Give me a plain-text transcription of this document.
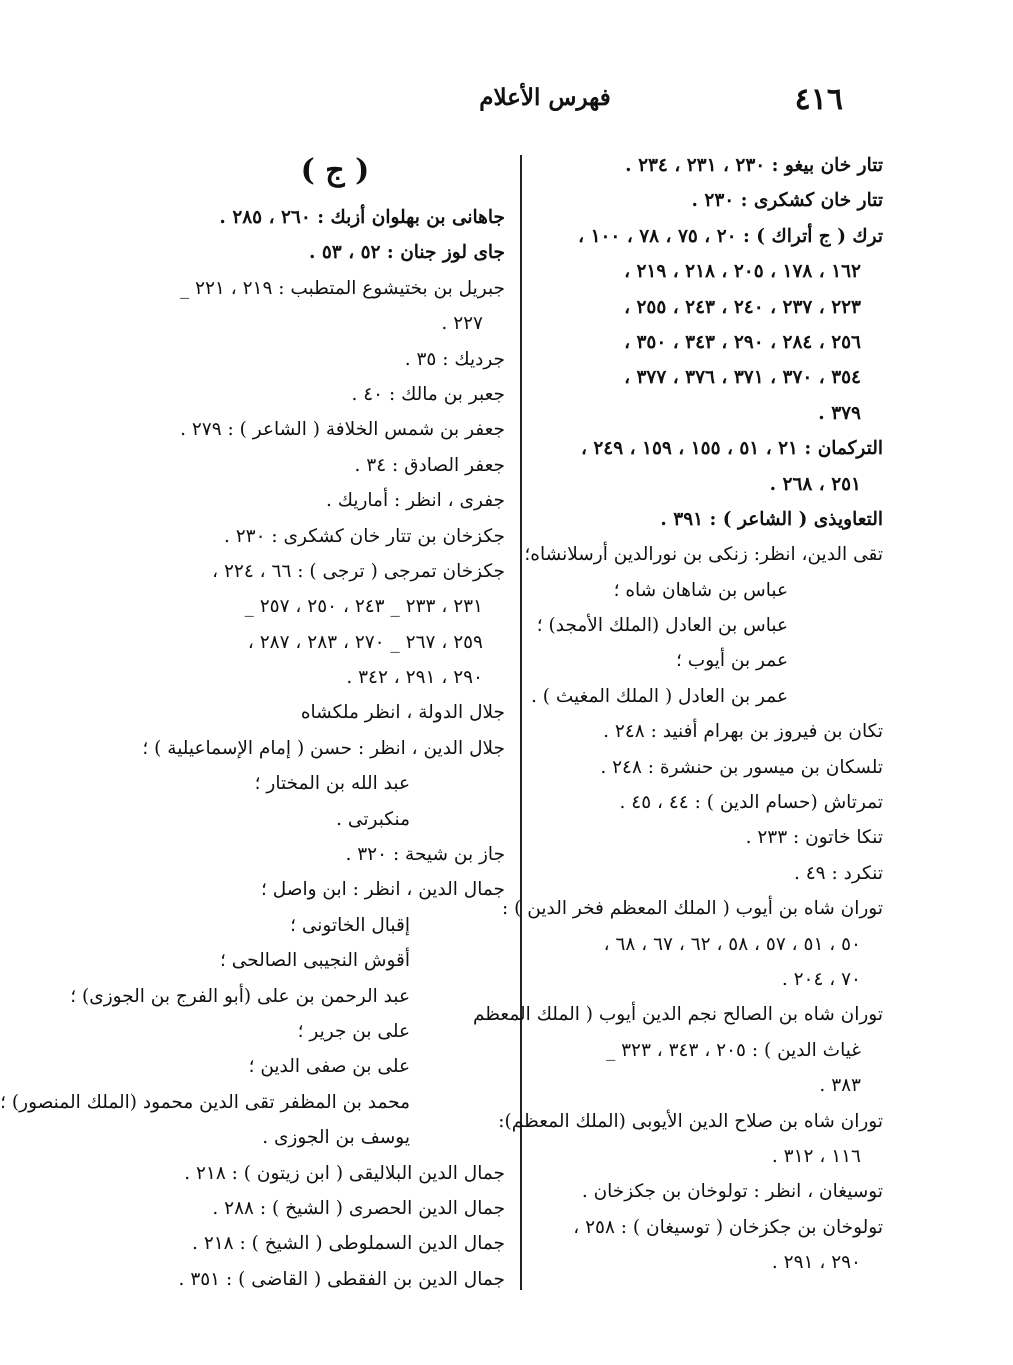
٤١٦
فهرس الأعلام
تتار خان بيغو : ٢٣٠ ، ٢٣١ ، ٢٣٤ .
تتار خان كشكرى : ٢٣٠ .
ترك ( ج أتراك ) : ٢٠ ، ٧٥ ، ٧٨ ، ١٠٠ ،
١٦٢ ، ١٧٨ ، ٢٠٥ ، ٢١٨ ، ٢١٩ ،
٢٢٣ ، ٢٣٧ ، ٢٤٠ ، ٢٤٣ ، ٢٥٥ ،
٢٥٦ ، ٢٨٤ ، ٢٩٠ ، ٣٤٣ ، ٣٥٠ ،
٣٥٤ ، ٣٧٠ ، ٣٧١ ، ٣٧٦ ، ٣٧٧ ،
٣٧٩ .
التركمان : ٢١ ، ٥١ ، ١٥٥ ، ١٥٩ ، ٢٤٩ ،
٢٥١ ، ٢٦٨ .
التعاويذى ( الشاعر ) : ٣٩١ .
تقى الدين، انظر: زنكى بن نورالدين أرسلانشاه؛
عباس بن شاهان شاه ؛
عباس بن العادل (الملك الأمجد) ؛
عمر بن أيوب ؛
عمر بن العادل ( الملك المغيث ) .
تكان بن فيروز بن بهرام أفنيد : ٢٤٨ .
تلسكان بن ميسور بن حنشرة : ٢٤٨ .
تمرتاش (حسام الدين ) : ٤٤ ، ٤٥ .
تنكا خاتون : ٢٣٣ .
تنكرد : ٤٩ .
توران شاه بن أيوب ( الملك المعظم فخر الدين ) :
٥٠ ، ٥١ ، ٥٧ ، ٥٨ ، ٦٢ ، ٦٧ ، ٦٨ ،
٧٠ ، ٢٠٤ .
توران شاه بن الصالح نجم الدين أيوب ( الملك المعظم
غياث الدين ) : ٢٠٥ ، ٣٤٣ ، ٣٢٣ _
٣٨٣ .
توران شاه بن صلاح الدين الأيوبى (الملك المعظم):
١١٦ ، ٣١٢ .
توسيغان ، انظر : تولوخان بن جكزخان .
تولوخان بن جكزخان ( توسيغان ) : ٢٥٨ ،
٢٩٠ ، ٢٩١ .
( ج )
جاهانى بن بهلوان أزبك : ٢٦٠ ، ٢٨٥ .
جاى لوز جنان : ٥٢ ، ٥٣ .
جبريل بن بختيشوع المتطبب : ٢١٩ ، ٢٢١ _
٢٢٧ .
جرديك : ٣٥ .
جعبر بن مالك : ٤٠ .
جعفر بن شمس الخلافة ( الشاعر ) : ٢٧٩ .
جعفر الصادق : ٣٤ .
جفرى ، انظر : أماريك .
جكزخان بن تتار خان كشكرى : ٢٣٠ .
جكزخان تمرجى ( ترجى ) : ٦٦ ، ٢٢٤ ،
٢٣١ ، ٢٣٣ _ ٢٤٣ ، ٢٥٠ ، ٢٥٧ _
٢٥٩ ، ٢٦٧ _ ٢٧٠ ، ٢٨٣ ، ٢٨٧ ،
٢٩٠ ، ٢٩١ ، ٣٤٢ .
جلال الدولة ، انظر ملكشاه
جلال الدين ، انظر : حسن ( إمام الإسماعيلية ) ؛
عبد الله بن المختار ؛
منكبرتى .
جاز بن شيحة : ٣٢٠ .
جمال الدين ، انظر : ابن واصل ؛
إقبال الخاتونى ؛
أقوش النجيبى الصالحى ؛
عبد الرحمن بن على (أبو الفرج بن الجوزى) ؛
على بن جرير ؛
على بن صفى الدين ؛
محمد بن المظفر تقى الدين محمود (الملك المنصور) ؛
يوسف بن الجوزى .
جمال الدين البلاليقى ( ابن زيتون ) : ٢١٨ .
جمال الدين الحصرى ( الشيخ ) : ٢٨٨ .
جمال الدين السملوطى ( الشيخ ) : ٢١٨ .
جمال الدين بن الفقطى ( القاضى ) : ٣٥١ .
